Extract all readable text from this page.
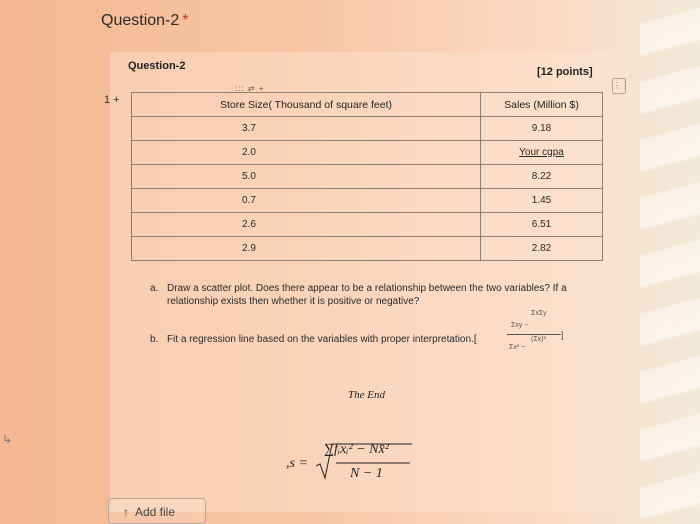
Question-2 *
↳
Question-2	[12 points]
⋮⋮
1 +
::: ⇄ +
Store Size( Thousand of square feet)	Sales (Million $)
3.7	9.18
2.0	Your cgpa
5.0	8.22
0.7	1.45
2.6	6.51
2.9	2.82
a. Draw a scatter plot. Does there appear to be a relationship between the two variables? If a
relationship exists then whether it is positive or negative?
b. Fit a regression line based on the variables with proper interpretation.[
ΣxΣy
Σxy −
(Σx)²
Σx² −
]
The End
,s =
∑fᵢxᵢ² − Nx̄²
N − 1
↑ Add file
